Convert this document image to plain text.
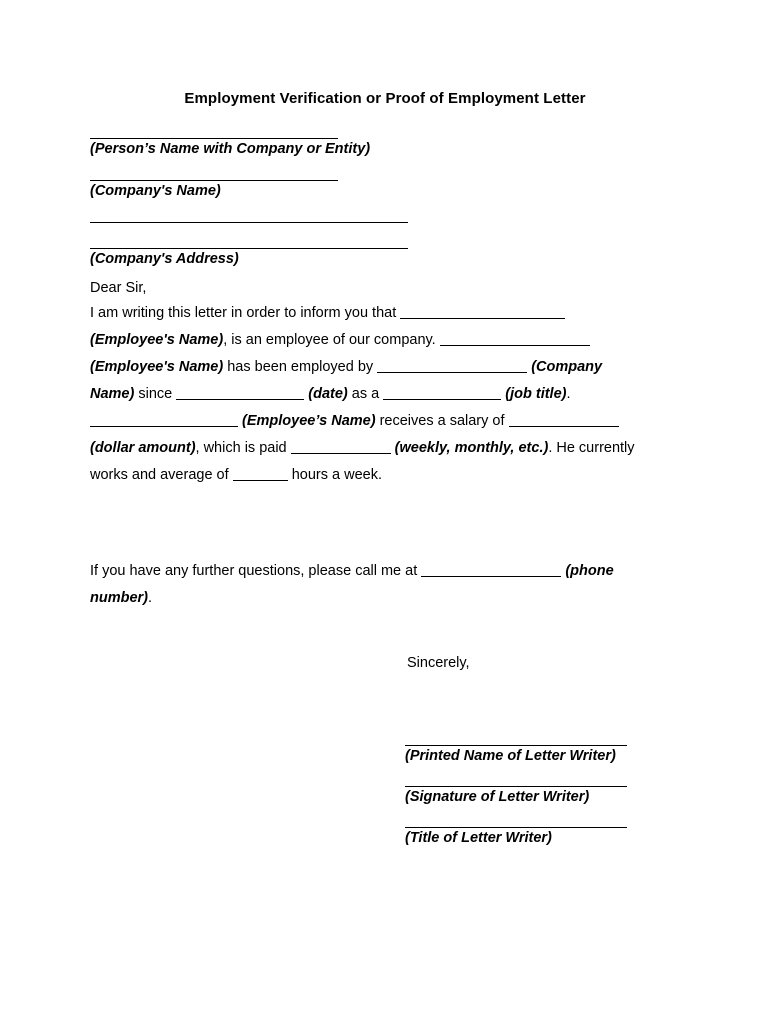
Employment Verification or Proof of Employment Letter
(Person’s Name with Company or Entity)
(Company's Name)
(Company's Address)
Dear Sir,
I am writing this letter in order to inform you that
(Employee's Name), is an employee of our company.
(Employee's Name) has been employed by	(Company
Name) since	(date) as a	(job title).
(Employee’s Name) receives a salary of
(dollar amount), which is paid	(weekly, monthly, etc.). He currently
works and average of	hours a week.
If you have any further questions, please call me at	(phone
number).
Sincerely,
(Printed Name of Letter Writer)
(Signature of Letter Writer)
(Title of Letter Writer)
